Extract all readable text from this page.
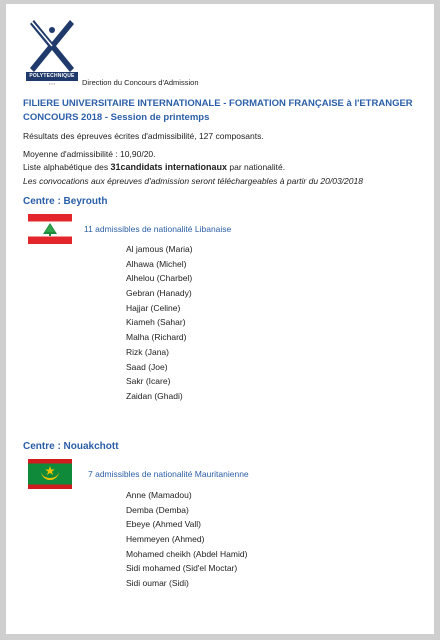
POLYTECHNIQUE
▪ ▪ ▪	Direction du Concours d'Admission
FILIERE UNIVERSITAIRE INTERNATIONALE - FORMATION FRANÇAISE à l'ETRANGER
CONCOURS 2018 - Session de printemps
Résultats des épreuves écrites d'admissibilité, 127 composants.
Moyenne d'admissibilité : 10,90/20.
Liste alphabétique des 31candidats internationaux par nationalité.
Les convocations aux épreuves d'admission seront téléchargeables à partir du 20/03/2018
Centre : Beyrouth
11 admissibles de nationalité Libanaise
Al jamous (Maria)
Alhawa (Michel)
Alhelou (Charbel)
Gebran (Hanady)
Hajjar (Celine)
Kiameh (Sahar)
Malha (Richard)
Rizk (Jana)
Saad (Joe)
Sakr (Icare)
Zaidan (Ghadi)
Centre : Nouakchott
7 admissibles de nationalité Mauritanienne
Anne (Mamadou)
Demba (Demba)
Ebeye (Ahmed Vall)
Hemmeyen (Ahmed)
Mohamed cheikh (Abdel Hamid)
Sidi mohamed (Sid'el Moctar)
Sidi oumar (Sidi)
